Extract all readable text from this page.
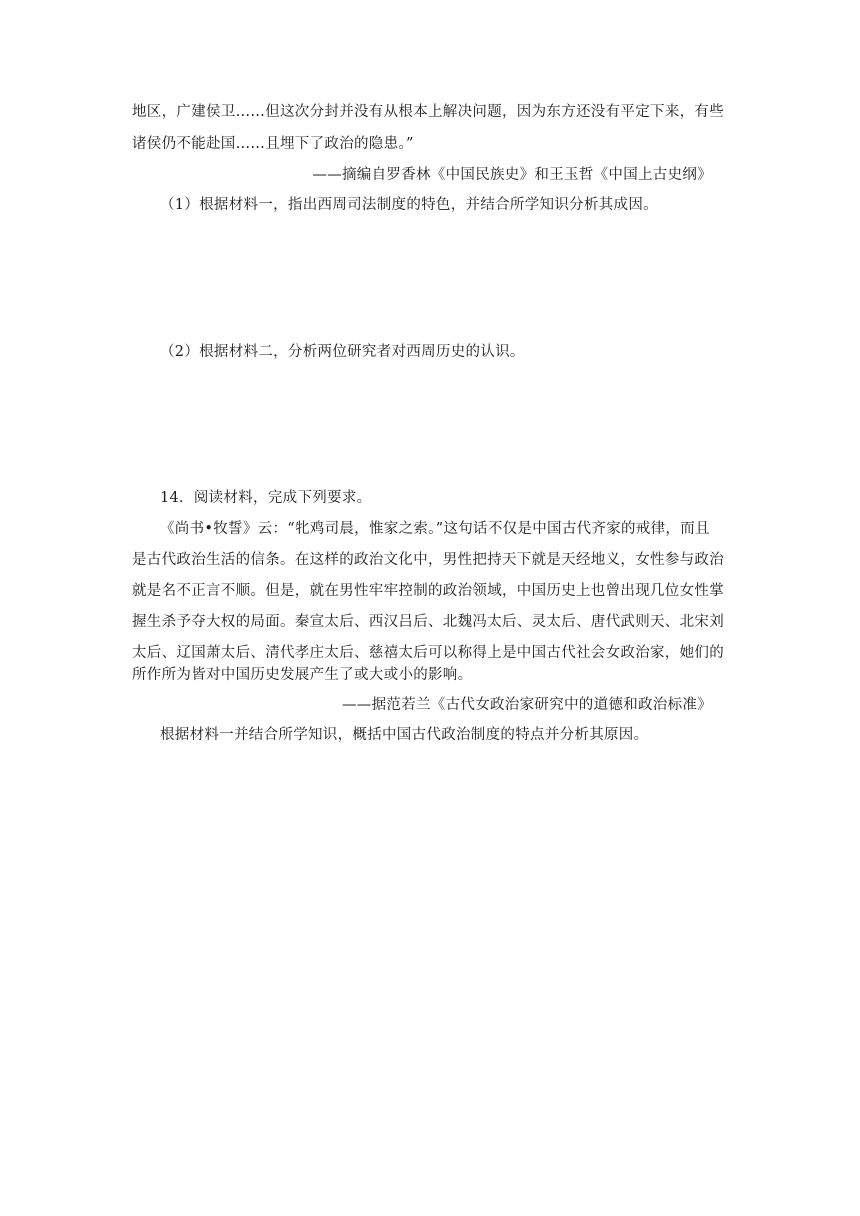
地区，广建侯卫……但这次分封并没有从根本上解决问题，因为东方还没有平定下来，有些
诸侯仍不能赴国……且埋下了政治的隐患。”
——摘编自罗香林《中国民族史》和王玉哲《中国上古史纲》
（1）根据材料一，指出西周司法制度的特色，并结合所学知识分析其成因。
（2）根据材料二，分析两位研究者对西周历史的认识。
14．阅读材料，完成下列要求。
《尚书•牧誓》云：“牝鸡司晨，惟家之索。”这句话不仅是中国古代齐家的戒律，而且
是古代政治生活的信条。在这样的政治文化中，男性把持天下就是天经地义，女性参与政治
就是名不正言不顺。但是，就在男性牢牢控制的政治领域，中国历史上也曾出现几位女性掌
握生杀予夺大权的局面。秦宣太后、西汉吕后、北魏冯太后、灵太后、唐代武则天、北宋刘
太后、辽国萧太后、清代孝庄太后、慈禧太后可以称得上是中国古代社会女政治家，她们的
所作所为皆对中国历史发展产生了或大或小的影响。
——据范若兰《古代女政治家研究中的道德和政治标准》
根据材料一并结合所学知识，概括中国古代政治制度的特点并分析其原因。
